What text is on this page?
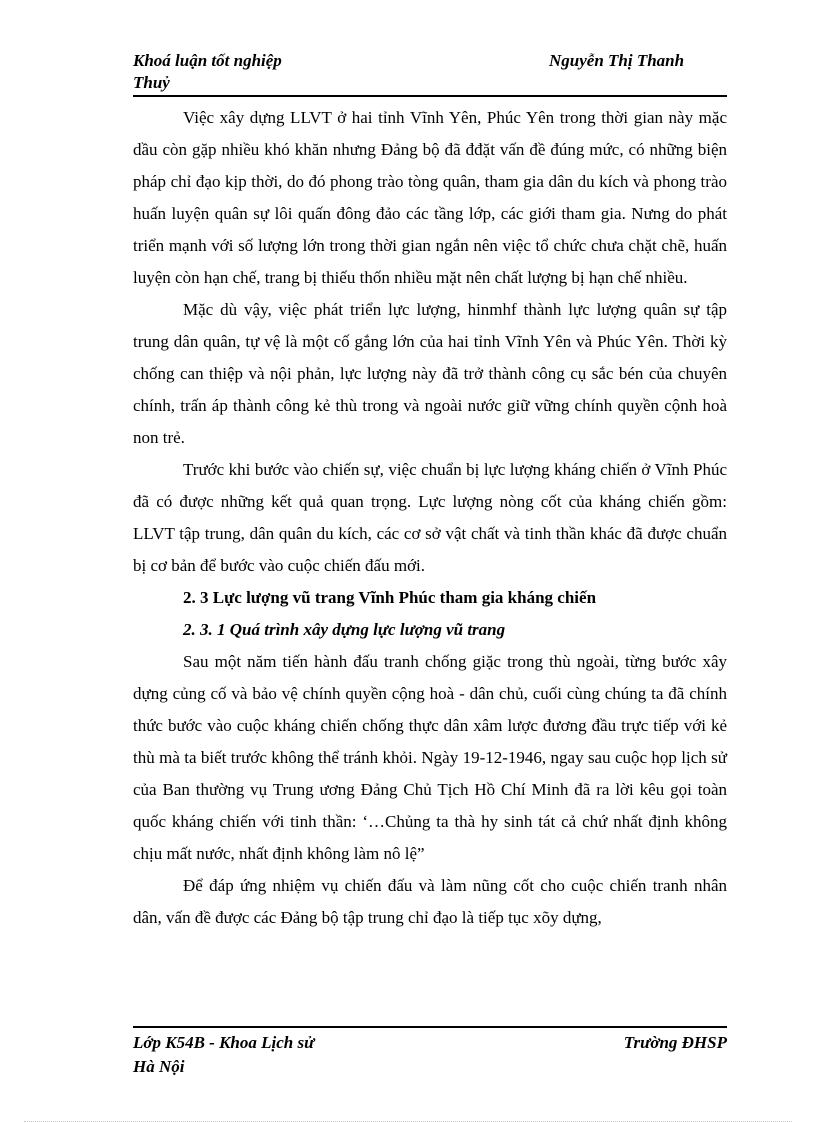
Khoá luận tốt nghiệp	Nguyễn Thị Thanh
Thuỷ

Việc xây dựng LLVT ở hai tỉnh Vĩnh Yên, Phúc Yên trong thời gian này mặc dầu còn gặp nhiều khó khăn nhưng Đảng bộ đã đđặt vấn đề đúng mức, có những biện pháp chỉ đạo kịp thời, do đó phong trào tòng quân, tham gia dân du kích và phong trào huấn luyện quân sự lôi quấn đông đảo các tầng lớp, các giới tham gia. Nưng do phát triển mạnh với số lượng lớn trong thời gian ngắn nên việc tổ chức chưa chặt chẽ, huấn luyện còn hạn chế, trang bị thiếu thốn nhiều mặt nên chất lượng bị hạn chế nhiều.

Mặc dù vậy, việc phát triển lực lượng, hinmhf thành lực lượng quân sự tập trung dân quân, tự vệ là một cố gắng lớn của hai tỉnh Vĩnh Yên và Phúc Yên. Thời kỳ chống can thiệp và nội phản, lực lượng này đã trở thành công cụ sắc bén của chuyên chính, trấn áp thành công kẻ thù trong và ngoài nước giữ vững chính quyền cộnh hoà non trẻ.

Trước khi bước vào chiến sự, việc chuẩn bị lực lượng kháng chiến ở Vĩnh Phúc đã có được những kết quả quan trọng. Lực lượng nòng cốt của kháng chiến gồm: LLVT tập trung, dân quân du kích, các cơ sở vật chất và tinh thần khác đã được chuẩn bị cơ bản để bước vào cuộc chiến đấu mới.

2. 3 Lực lượng vũ trang Vĩnh Phúc tham gia kháng chiến
2. 3. 1 Quá trình xây dựng lực lượng vũ trang

Sau một năm tiến hành đấu tranh chống giặc trong thù ngoài, từng bước xây dựng củng cố và bảo vệ chính quyền cộng hoà - dân chủ, cuối cùng chúng ta đã chính thức bước vào cuộc kháng chiến chống thực dân xâm lược đương đầu trực tiếp với kẻ thù mà ta biết trước không thể tránh khỏi. Ngày 19-12-1946, ngay sau cuộc họp lịch sử của Ban thường vụ Trung ương Đảng Chủ Tịch Hồ Chí Minh đã ra lời kêu gọi toàn quốc kháng chiến với tinh thần: ‘…Chủng ta thà hy sinh tát cả chứ nhất định không chịu mất nước, nhất định không làm nô lệ”

Để đáp ứng nhiệm vụ chiến đấu và làm nũng cốt cho cuộc chiến tranh nhân dân, vấn đề được các Đảng bộ tập trung chỉ đạo là tiếp tục xõy dựng,

Lớp K54B - Khoa Lịch sử	Trường ĐHSP
Hà Nội
